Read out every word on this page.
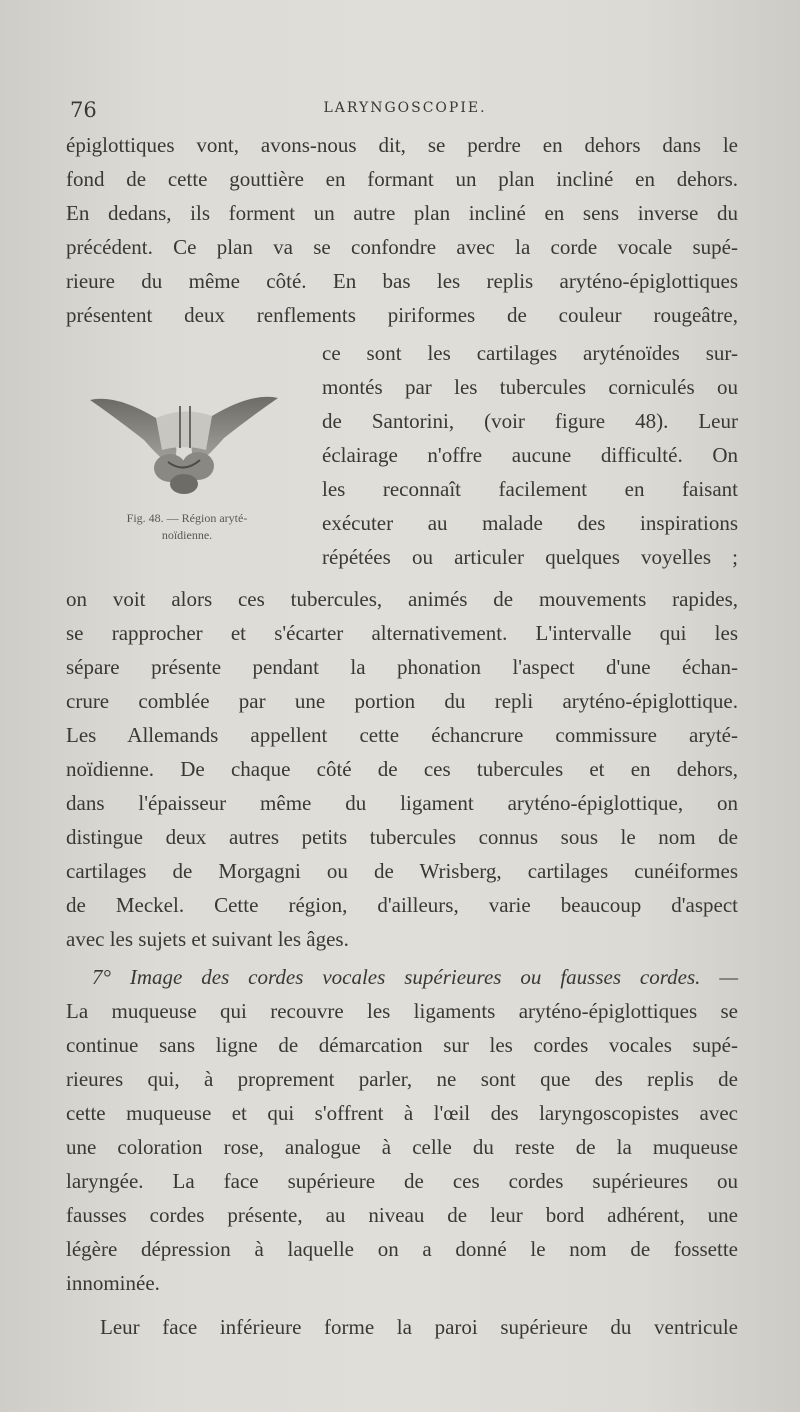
76	LARYNGOSCOPIE.
épiglottiques vont, avons-nous dit, se perdre en dehors dans le
fond de cette gouttière en formant un plan incliné en dehors.
En dedans, ils forment un autre plan incliné en sens inverse du
précédent. Ce plan va se confondre avec la corde vocale supé-
rieure du même côté. En bas les replis aryténo-épiglottiques
présentent deux renflements piriformes de couleur rougeâtre,
ce sont les cartilages aryténoïdes sur-
montés par les tubercules corniculés ou
de Santorini, (voir figure 48). Leur
éclairage n'offre aucune difficulté. On
les reconnaît facilement en faisant
exécuter au malade des inspirations
répétées ou articuler quelques voyelles ;
Fig. 48. — Région aryté-
noïdienne.
on voit alors ces tubercules, animés de mouvements rapides,
se rapprocher et s'écarter alternativement. L'intervalle qui les
sépare présente pendant la phonation l'aspect d'une échan-
crure comblée par une portion du repli aryténo-épiglottique.
Les Allemands appellent cette échancrure commissure aryté-
noïdienne. De chaque côté de ces tubercules et en dehors,
dans l'épaisseur même du ligament aryténo-épiglottique, on
distingue deux autres petits tubercules connus sous le nom de
cartilages de Morgagni ou de Wrisberg, cartilages cunéiformes
de Meckel. Cette région, d'ailleurs, varie beaucoup d'aspect
avec les sujets et suivant les âges.
7° Image des cordes vocales supérieures ou fausses cordes. —
La muqueuse qui recouvre les ligaments aryténo-épiglottiques se
continue sans ligne de démarcation sur les cordes vocales supé-
rieures qui, à proprement parler, ne sont que des replis de
cette muqueuse et qui s'offrent à l'œil des laryngoscopistes avec
une coloration rose, analogue à celle du reste de la muqueuse
laryngée. La face supérieure de ces cordes supérieures ou
fausses cordes présente, au niveau de leur bord adhérent, une
légère dépression à laquelle on a donné le nom de fossette
innominée.
Leur face inférieure forme la paroi supérieure du ventricule
